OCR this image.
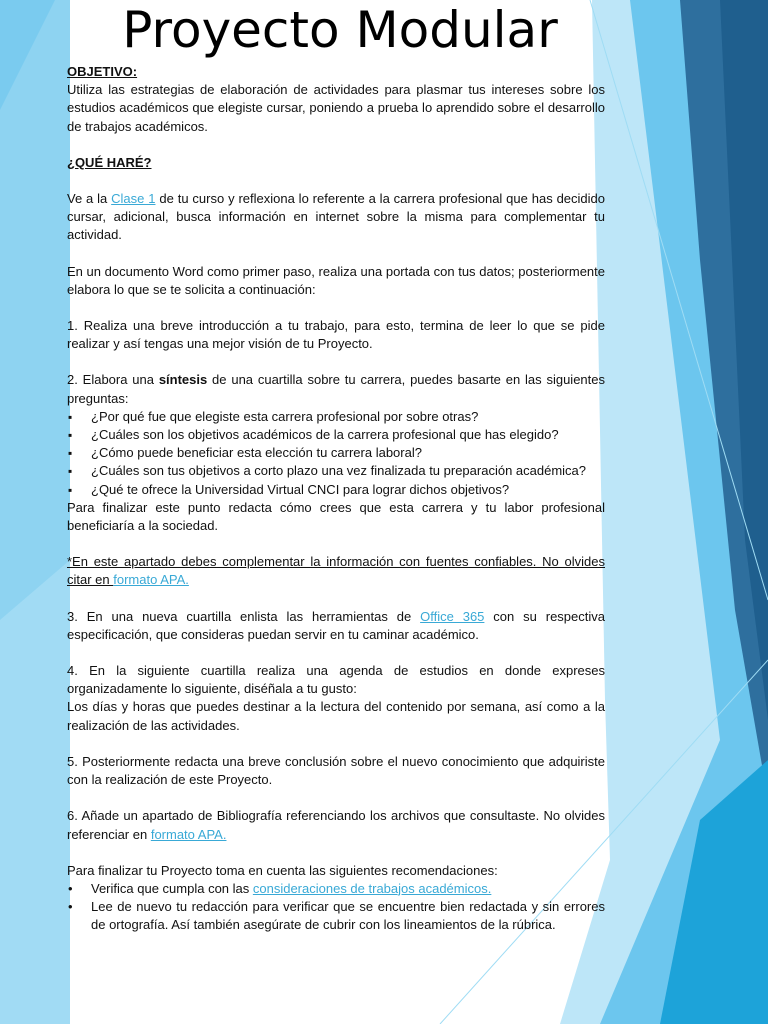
Proyecto Modular

OBJETIVO:

Utiliza las estrategias de elaboración de actividades para plasmar tus intereses sobre los estudios académicos que elegiste cursar, poniendo a prueba lo aprendido sobre el desarrollo de trabajos académicos.

¿QUÉ HARÉ?

Ve a la Clase 1 de tu curso y reflexiona lo referente a la carrera profesional que has decidido cursar, adicional, busca información en internet sobre la misma para complementar tu actividad.

En un documento Word como primer paso, realiza una portada con tus datos; posteriormente elabora lo que se te solicita a continuación:

1. Realiza una breve introducción a tu trabajo, para esto, termina de leer lo que se pide realizar y así tengas una mejor visión de tu Proyecto.

2. Elabora una síntesis de una cuartilla sobre tu carrera, puedes basarte en las siguientes preguntas:

▪ ¿Por qué fue que elegiste esta carrera profesional por sobre otras?
▪ ¿Cuáles son los objetivos académicos de la carrera profesional que has elegido?
▪ ¿Cómo puede beneficiar esta elección tu carrera laboral?
▪ ¿Cuáles son tus objetivos a corto plazo una vez finalizada tu preparación académica?
▪ ¿Qué te ofrece la Universidad Virtual CNCI para lograr dichos objetivos?

Para finalizar este punto redacta cómo crees que esta carrera y tu labor profesional beneficiaría a la sociedad.

*En este apartado debes complementar la información con fuentes confiables. No olvides citar en formato APA.

3. En una nueva cuartilla enlista las herramientas de Office 365 con su respectiva especificación, que consideras puedan servir en tu caminar académico.

4. En la siguiente cuartilla realiza una agenda de estudios en donde expreses organizadamente lo siguiente, diséñala a tu gusto:

Los días y horas que puedes destinar a la lectura del contenido por semana, así como a la realización de las actividades.

5. Posteriormente redacta una breve conclusión sobre el nuevo conocimiento que adquiriste con la realización de este Proyecto.

6. Añade un apartado de Bibliografía referenciando los archivos que consultaste. No olvides referenciar en formato APA.

Para finalizar tu Proyecto toma en cuenta las siguientes recomendaciones:

• Verifica que cumpla con las consideraciones de trabajos académicos.
• Lee de nuevo tu redacción para verificar que se encuentre bien redactada y sin errores de ortografía. Así también asegúrate de cubrir con los lineamientos de la rúbrica.
